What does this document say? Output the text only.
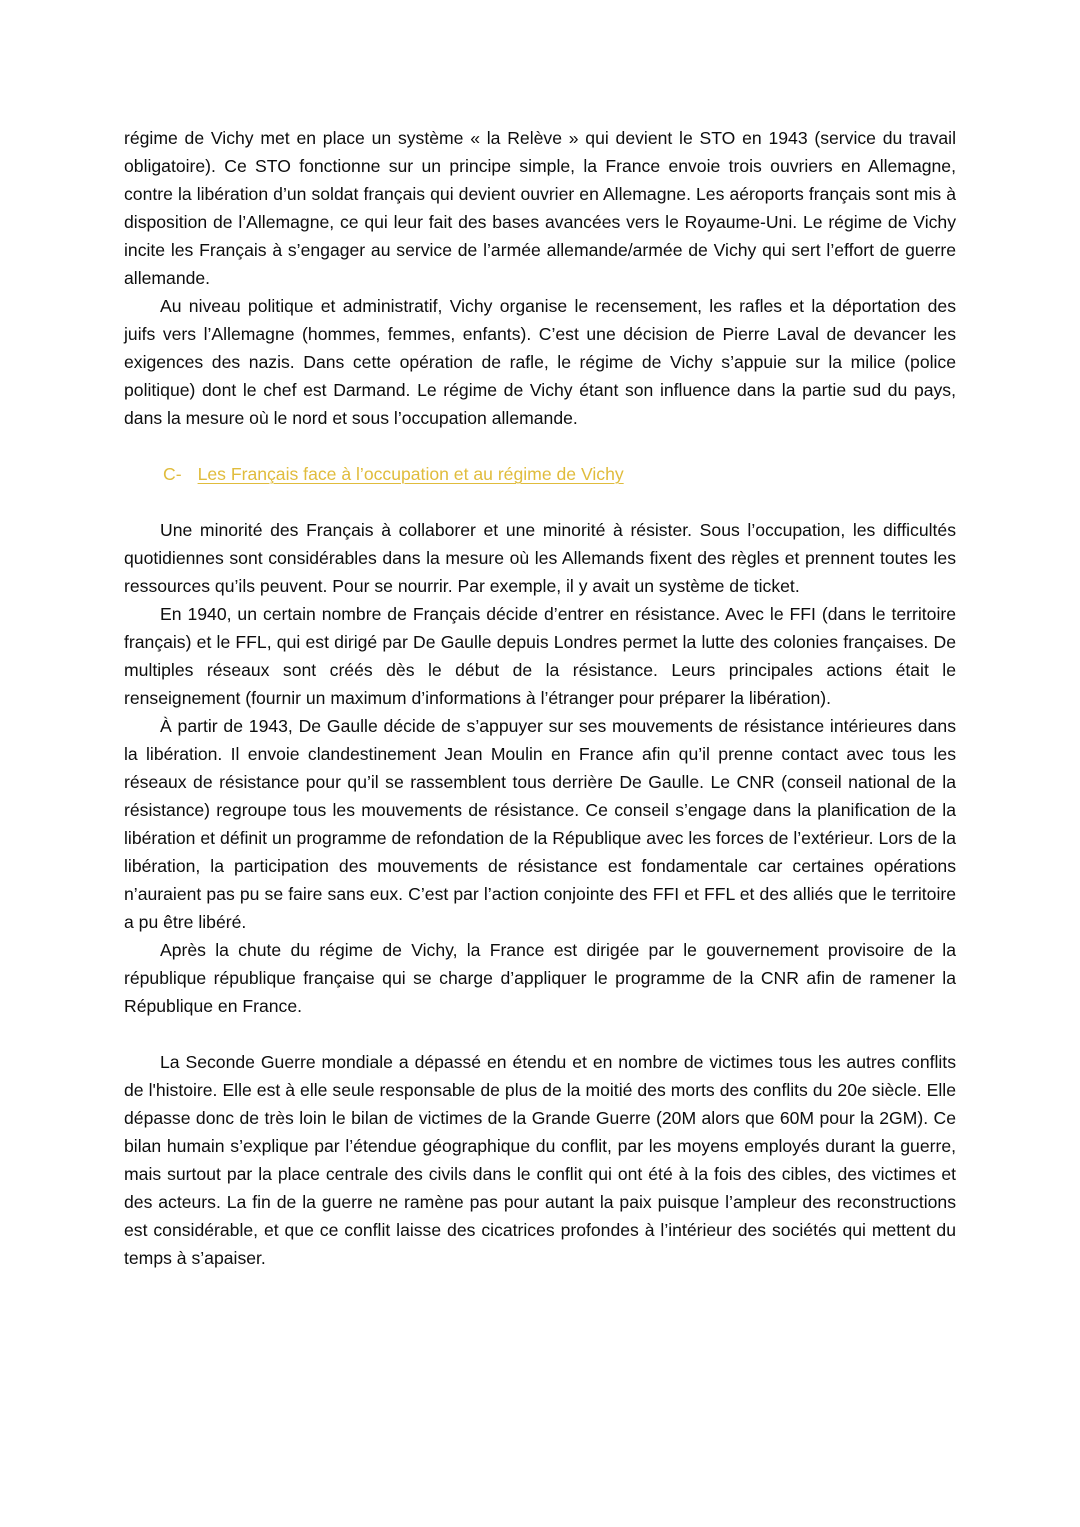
régime de Vichy met en place un système « la Relève » qui devient le STO en 1943 (service du travail obligatoire). Ce STO fonctionne sur un principe simple, la France envoie trois ouvriers en Allemagne, contre la libération d’un soldat français qui devient ouvrier en Allemagne. Les aéroports français sont mis à disposition de l’Allemagne, ce qui leur fait des bases avancées vers le Royaume-Uni. Le régime de Vichy incite les Français à s’engager au service de l’armée allemande/armée de Vichy qui sert l’effort de guerre allemande.

Au niveau politique et administratif, Vichy organise le recensement, les rafles et la déportation des juifs vers l’Allemagne (hommes, femmes, enfants). C’est une décision de Pierre Laval de devancer les exigences des nazis. Dans cette opération de rafle, le régime de Vichy s’appuie sur la milice (police politique) dont le chef est Darmand. Le régime de Vichy étant son influence dans la partie sud du pays, dans la mesure où le nord et sous l’occupation allemande.

C- Les Français face à l’occupation et au régime de Vichy

Une minorité des Français à collaborer et une minorité à résister. Sous l’occupation, les difficultés quotidiennes sont considérables dans la mesure où les Allemands fixent des règles et prennent toutes les ressources qu’ils peuvent. Pour se nourrir. Par exemple, il y avait un système de ticket.

En 1940, un certain nombre de Français décide d’entrer en résistance. Avec le FFI (dans le territoire français) et le FFL, qui est dirigé par De Gaulle depuis Londres permet la lutte des colonies françaises. De multiples réseaux sont créés dès le début de la résistance. Leurs principales actions était le renseignement (fournir un maximum d’informations à l’étranger pour préparer la libération).

À partir de 1943, De Gaulle décide de s’appuyer sur ses mouvements de résistance intérieures dans la libération. Il envoie clandestinement Jean Moulin en France afin qu’il prenne contact avec tous les réseaux de résistance pour qu’il se rassemblent tous derrière De Gaulle. Le CNR (conseil national de la résistance) regroupe tous les mouvements de résistance. Ce conseil s’engage dans la planification de la libération et définit un programme de refondation de la République avec les forces de l’extérieur. Lors de la libération, la participation des mouvements de résistance est fondamentale car certaines opérations n’auraient pas pu se faire sans eux. C’est par l’action conjointe des FFI et FFL et des alliés que le territoire a pu être libéré.

Après la chute du régime de Vichy, la France est dirigée par le gouvernement provisoire de la république république française qui se charge d’appliquer le programme de la CNR afin de ramener la République en France.

La Seconde Guerre mondiale a dépassé en étendu et en nombre de victimes tous les autres conflits de l'histoire. Elle est à elle seule responsable de plus de la moitié des morts des conflits du 20e siècle. Elle dépasse donc de très loin le bilan de victimes de la Grande Guerre (20M alors que 60M pour la 2GM). Ce bilan humain s’explique par l’étendue géographique du conflit, par les moyens employés durant la guerre, mais surtout par la place centrale des civils dans le conflit qui ont été à la fois des cibles, des victimes et des acteurs. La fin de la guerre ne ramène pas pour autant la paix puisque l’ampleur des reconstructions est considérable, et que ce conflit laisse des cicatrices profondes à l’intérieur des sociétés qui mettent du temps à s’apaiser.
